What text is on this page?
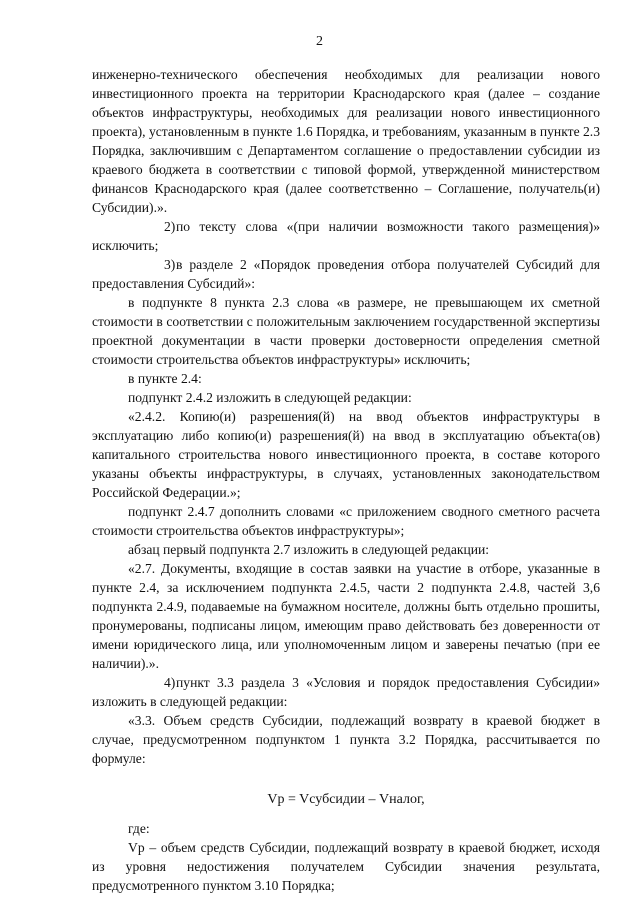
2

инженерно-технического обеспечения необходимых для реализации нового инвестиционного проекта на территории Краснодарского края (далее – создание объектов инфраструктуры, необходимых для реализации нового инвестиционного проекта), установленным в пункте 1.6 Порядка, и требованиям, указанным в пункте 2.3 Порядка, заключившим с Департаментом соглашение о предоставлении субсидии из краевого бюджета в соответствии с типовой формой, утвержденной министерством финансов Краснодарского края (далее соответственно – Соглашение, получатель(и) Субсидии).».

2)по тексту слова «(при наличии возможности такого размещения)» исключить;

3)в разделе 2 «Порядок проведения отбора получателей Субсидий для предоставления Субсидий»:

в подпункте 8 пункта 2.3 слова «в размере, не превышающем их сметной стоимости в соответствии с положительным заключением государственной экспертизы проектной документации в части проверки достоверности определения сметной стоимости строительства объектов инфраструктуры» исключить;

в пункте 2.4:

подпункт 2.4.2 изложить в следующей редакции:

«2.4.2. Копию(и) разрешения(й) на ввод объектов инфраструктуры в эксплуатацию либо копию(и) разрешения(й) на ввод в эксплуатацию объекта(ов) капитального строительства нового инвестиционного проекта, в составе которого указаны объекты инфраструктуры, в случаях, установленных законодательством Российской Федерации.»;

подпункт 2.4.7 дополнить словами «с приложением сводного сметного расчета стоимости строительства объектов инфраструктуры»;

абзац первый подпункта 2.7 изложить в следующей редакции:

«2.7. Документы, входящие в состав заявки на участие в отборе, указанные в пункте 2.4, за исключением подпункта 2.4.5, части 2 подпункта 2.4.8, частей 3,6 подпункта 2.4.9, подаваемые на бумажном носителе, должны быть отдельно прошиты, пронумерованы, подписаны лицом, имеющим право действовать без доверенности от имени юридического лица, или уполномоченным лицом и заверены печатью (при ее наличии).».

4)пункт 3.3 раздела 3 «Условия и порядок предоставления Субсидии» изложить в следующей редакции:

«3.3. Объем средств Субсидии, подлежащий возврату в краевой бюджет в случае, предусмотренном подпунктом 1 пункта 3.2 Порядка, рассчитывается по формуле:

Vp = Vсубсидии – Vналог,

где:

Vp – объем средств Субсидии, подлежащий возврату в краевой бюджет, исходя из уровня недостижения получателем Субсидии значения результата, предусмотренного пунктом 3.10 Порядка;
